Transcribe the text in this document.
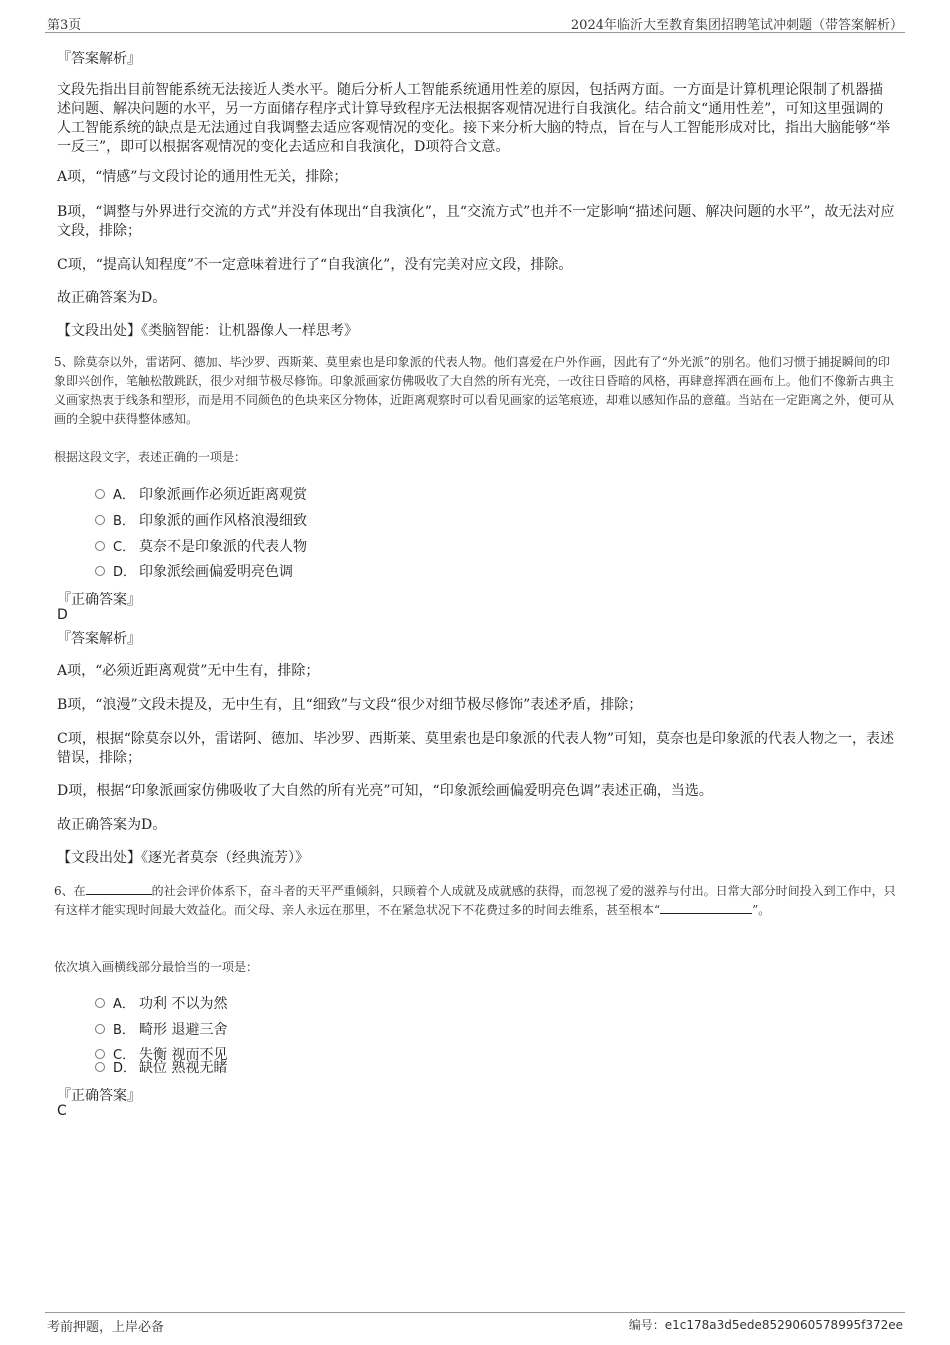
第3页	2024年临沂大至教育集团招聘笔试冲刺题（带答案解析）
『答案解析』
文段先指出目前智能系统无法接近人类水平。随后分析人工智能系统通用性差的原因，包括两方面。一方面是计算机理论限制了机器描述问题、解决问题的水平，另一方面储存程序式计算导致程序无法根据客观情况进行自我演化。结合前文“通用性差”，可知这里强调的人工智能系统的缺点是无法通过自我调整去适应客观情况的变化。接下来分析大脑的特点，旨在与人工智能形成对比，指出大脑能够“举一反三”，即可以根据客观情况的变化去适应和自我演化，D项符合文意。
A项，“情感”与文段讨论的通用性无关，排除；
B项，“调整与外界进行交流的方式”并没有体现出“自我演化”，且“交流方式”也并不一定影响“描述问题、解决问题的水平”，故无法对应文段，排除；
C项，“提高认知程度”不一定意味着进行了“自我演化”，没有完美对应文段，排除。
故正确答案为D。
【文段出处】《类脑智能：让机器像人一样思考》
5、除莫奈以外，雷诺阿、德加、毕沙罗、西斯莱、莫里索也是印象派的代表人物。他们喜爱在户外作画，因此有了“外光派”的别名。他们习惯于捕捉瞬间的印象即兴创作，笔触松散跳跃，很少对细节极尽修饰。印象派画家仿佛吸收了大自然的所有光亮，一改往日昏暗的风格，再肆意挥洒在画布上。他们不像新古典主义画家热衷于线条和塑形，而是用不同颜色的色块来区分物体，近距离观察时可以看见画家的运笔痕迹，却难以感知作品的意蕴。当站在一定距离之外，便可从画的全貌中获得整体感知。
根据这段文字，表述正确的一项是：
A． 印象派画作必须近距离观赏
B． 印象派的画作风格浪漫细致
C． 莫奈不是印象派的代表人物
D． 印象派绘画偏爱明亮色调
『正确答案』
D
『答案解析』
A项，“必须近距离观赏”无中生有，排除；
B项，“浪漫”文段未提及，无中生有，且“细致”与文段“很少对细节极尽修饰”表述矛盾，排除；
C项，根据“除莫奈以外，雷诺阿、德加、毕沙罗、西斯莱、莫里索也是印象派的代表人物”可知，莫奈也是印象派的代表人物之一，表述错误，排除；
D项，根据“印象派画家仿佛吸收了大自然的所有光亮”可知，“印象派绘画偏爱明亮色调”表述正确，当选。
故正确答案为D。
【文段出处】《逐光者莫奈（经典流芳）》
6、在	的社会评价体系下，奋斗者的天平严重倾斜，只顾着个人成就及成就感的获得，而忽视了爱的滋养与付出。日常大部分时间投入到工作中，只有这样才能实现时间最大效益化。而父母、亲人永远在那里，不在紧急状况下不花费过多的时间去维系，甚至根本“	”。
依次填入画横线部分最恰当的一项是：
A． 功利 不以为然
B． 畸形 退避三舍
C． 失衡 视而不见
D． 缺位 熟视无睹
『正确答案』
C
考前押题，上岸必备	编号：e1c178a3d5ede8529060578995f372ee
